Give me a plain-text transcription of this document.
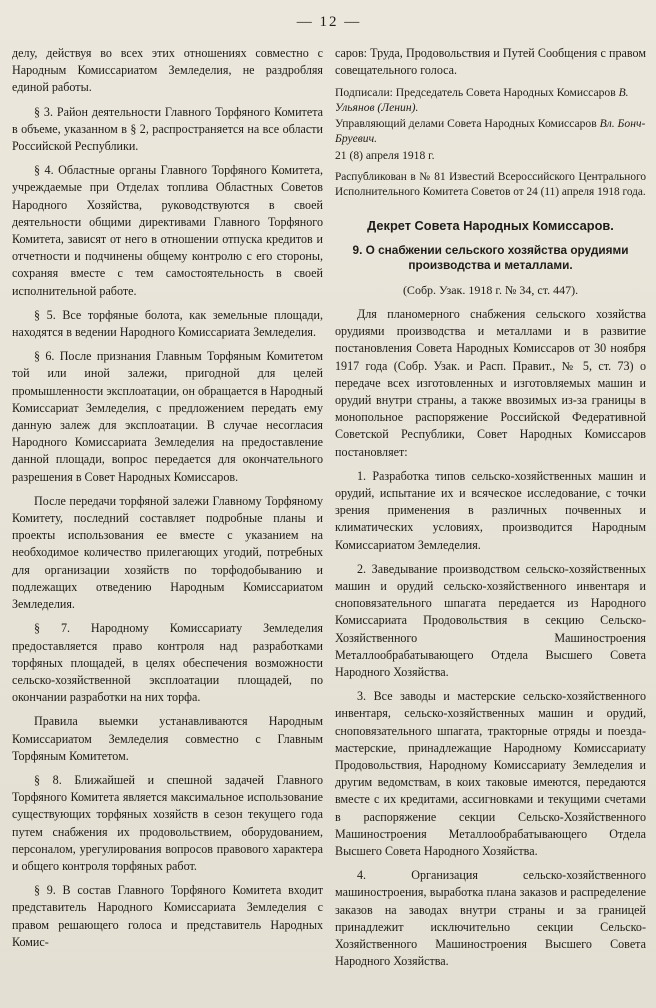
— 12 —

делу, действуя во всех этих отношениях совместно с Народным Комиссариатом Земледелия, не раздробляя единой работы.

§ 3. Район деятельности Главного Торфяного Комитета в объеме, указанном в § 2, распространяется на все области Российской Республики.

§ 4. Областные органы Главного Торфяного Комитета, учреждаемые при Отделах топлива Областных Советов Народного Хозяйства, руководствуются в своей деятельности общими директивами Главного Торфяного Комитета, зависят от него в отношении отпуска кредитов и отчетности и подчинены общему контролю с его стороны, сохраняя вместе с тем самостоятельность в своей исполнительной работе.

§ 5. Все торфяные болота, как земельные площади, находятся в ведении Народного Комиссариата Земледелия.

§ 6. После признания Главным Торфяным Комитетом той или иной залежи, пригодной для целей промышленности эксплоатации, он обращается в Народный Комиссариат Земледелия, с предложением передать ему данную залеж для эксплоатации. В случае несогласия Народного Комиссариата Земледелия на предоставление данной площади, вопрос передается для окончательного разрешения в Совет Народных Комиссаров.

После передачи торфяной залежи Главному Торфяному Комитету, последний составляет подробные планы и проекты использования ее вместе с указанием на необходимое количество прилегающих угодий, потребных для организации хозяйств по торфодобыванию и подлежащих отведению Народным Комиссариатом Земледелия.

§ 7. Народному Комиссариату Земледелия предоставляется право контроля над разработками торфяных площадей, в целях обеспечения возможности сельско-хозяйственной эксплоатации площадей, по окончании разработки на них торфа.

Правила выемки устанавливаются Народным Комиссариатом Земледелия совместно с Главным Торфяным Комитетом.

§ 8. Ближайшей и спешной задачей Главного Торфяного Комитета является максимальное использование существующих торфяных хозяйств в сезон текущего года путем снабжения их продовольствием, оборудованием, персоналом, урегулирования вопросов правового характера и общего контроля торфяных работ.

§ 9. В состав Главного Торфяного Комитета входит представитель Народного Комиссариата Земледелия с правом решающего голоса и представитель Народных Комис-

саров: Труда, Продовольствия и Путей Сообщения с правом совещательного голоса.

Подписали: Председатель Совета Народных Комиссаров В. Ульянов (Ленин).
Управляющий делами Совета Народных Комиссаров Вл. Бонч-Бруевич.
21 (8) апреля 1918 г.

Распубликован в № 81 Известий Всероссийского Центрального Исполнительного Комитета Советов от 24 (11) апреля 1918 года.

Декрет Совета Народных Комиссаров.
9. О снабжении сельского хозяйства орудиями производства и металлами.
(Собр. Узак. 1918 г. № 34, ст. 447).

Для планомерного снабжения сельского хозяйства орудиями производства и металлами и в развитие постановления Совета Народных Комиссаров от 30 ноября 1917 года (Собр. Узак. и Расп. Правит., № 5, ст. 73) о передаче всех изготовленных и изготовляемых машин и орудий внутри страны, а также ввозимых из-за границы в монопольное распоряжение Российской Федеративной Советской Республики, Совет Народных Комиссаров постановляет:

1. Разработка типов сельско-хозяйственных машин и орудий, испытание их и всяческое исследование, с точки зрения применения в различных почвенных и климатических условиях, производится Народным Комиссариатом Земледелия.

2. Заведывание производством сельско-хозяйственных машин и орудий сельско-хозяйственного инвентаря и сноповязательного шпагата передается из Народного Комиссариата Продовольствия в секцию Сельско-Хозяйственного Машиностроения Металлообрабатывающего Отдела Высшего Совета Народного Хозяйства.

3. Все заводы и мастерские сельско-хозяйственного инвентаря, сельско-хозяйственных машин и орудий, сноповязательного шпагата, тракторные отряды и поезда-мастерские, принадлежащие Народному Комиссариату Продовольствия, Народному Комиссариату Земледелия и другим ведомствам, в коих таковые имеются, передаются вместе с их кредитами, ассигновками и текущими счетами в распоряжение секции Сельско-Хозяйственного Машиностроения Металлообрабатывающего Отдела Высшего Совета Народного Хозяйства.

4. Организация сельско-хозяйственного машиностроения, выработка плана заказов и распределение заказов на заводах внутри страны и за границей принадлежит исключительно секции Сельско-Хозяйственного Машиностроения Высшего Совета Народного Хозяйства.
